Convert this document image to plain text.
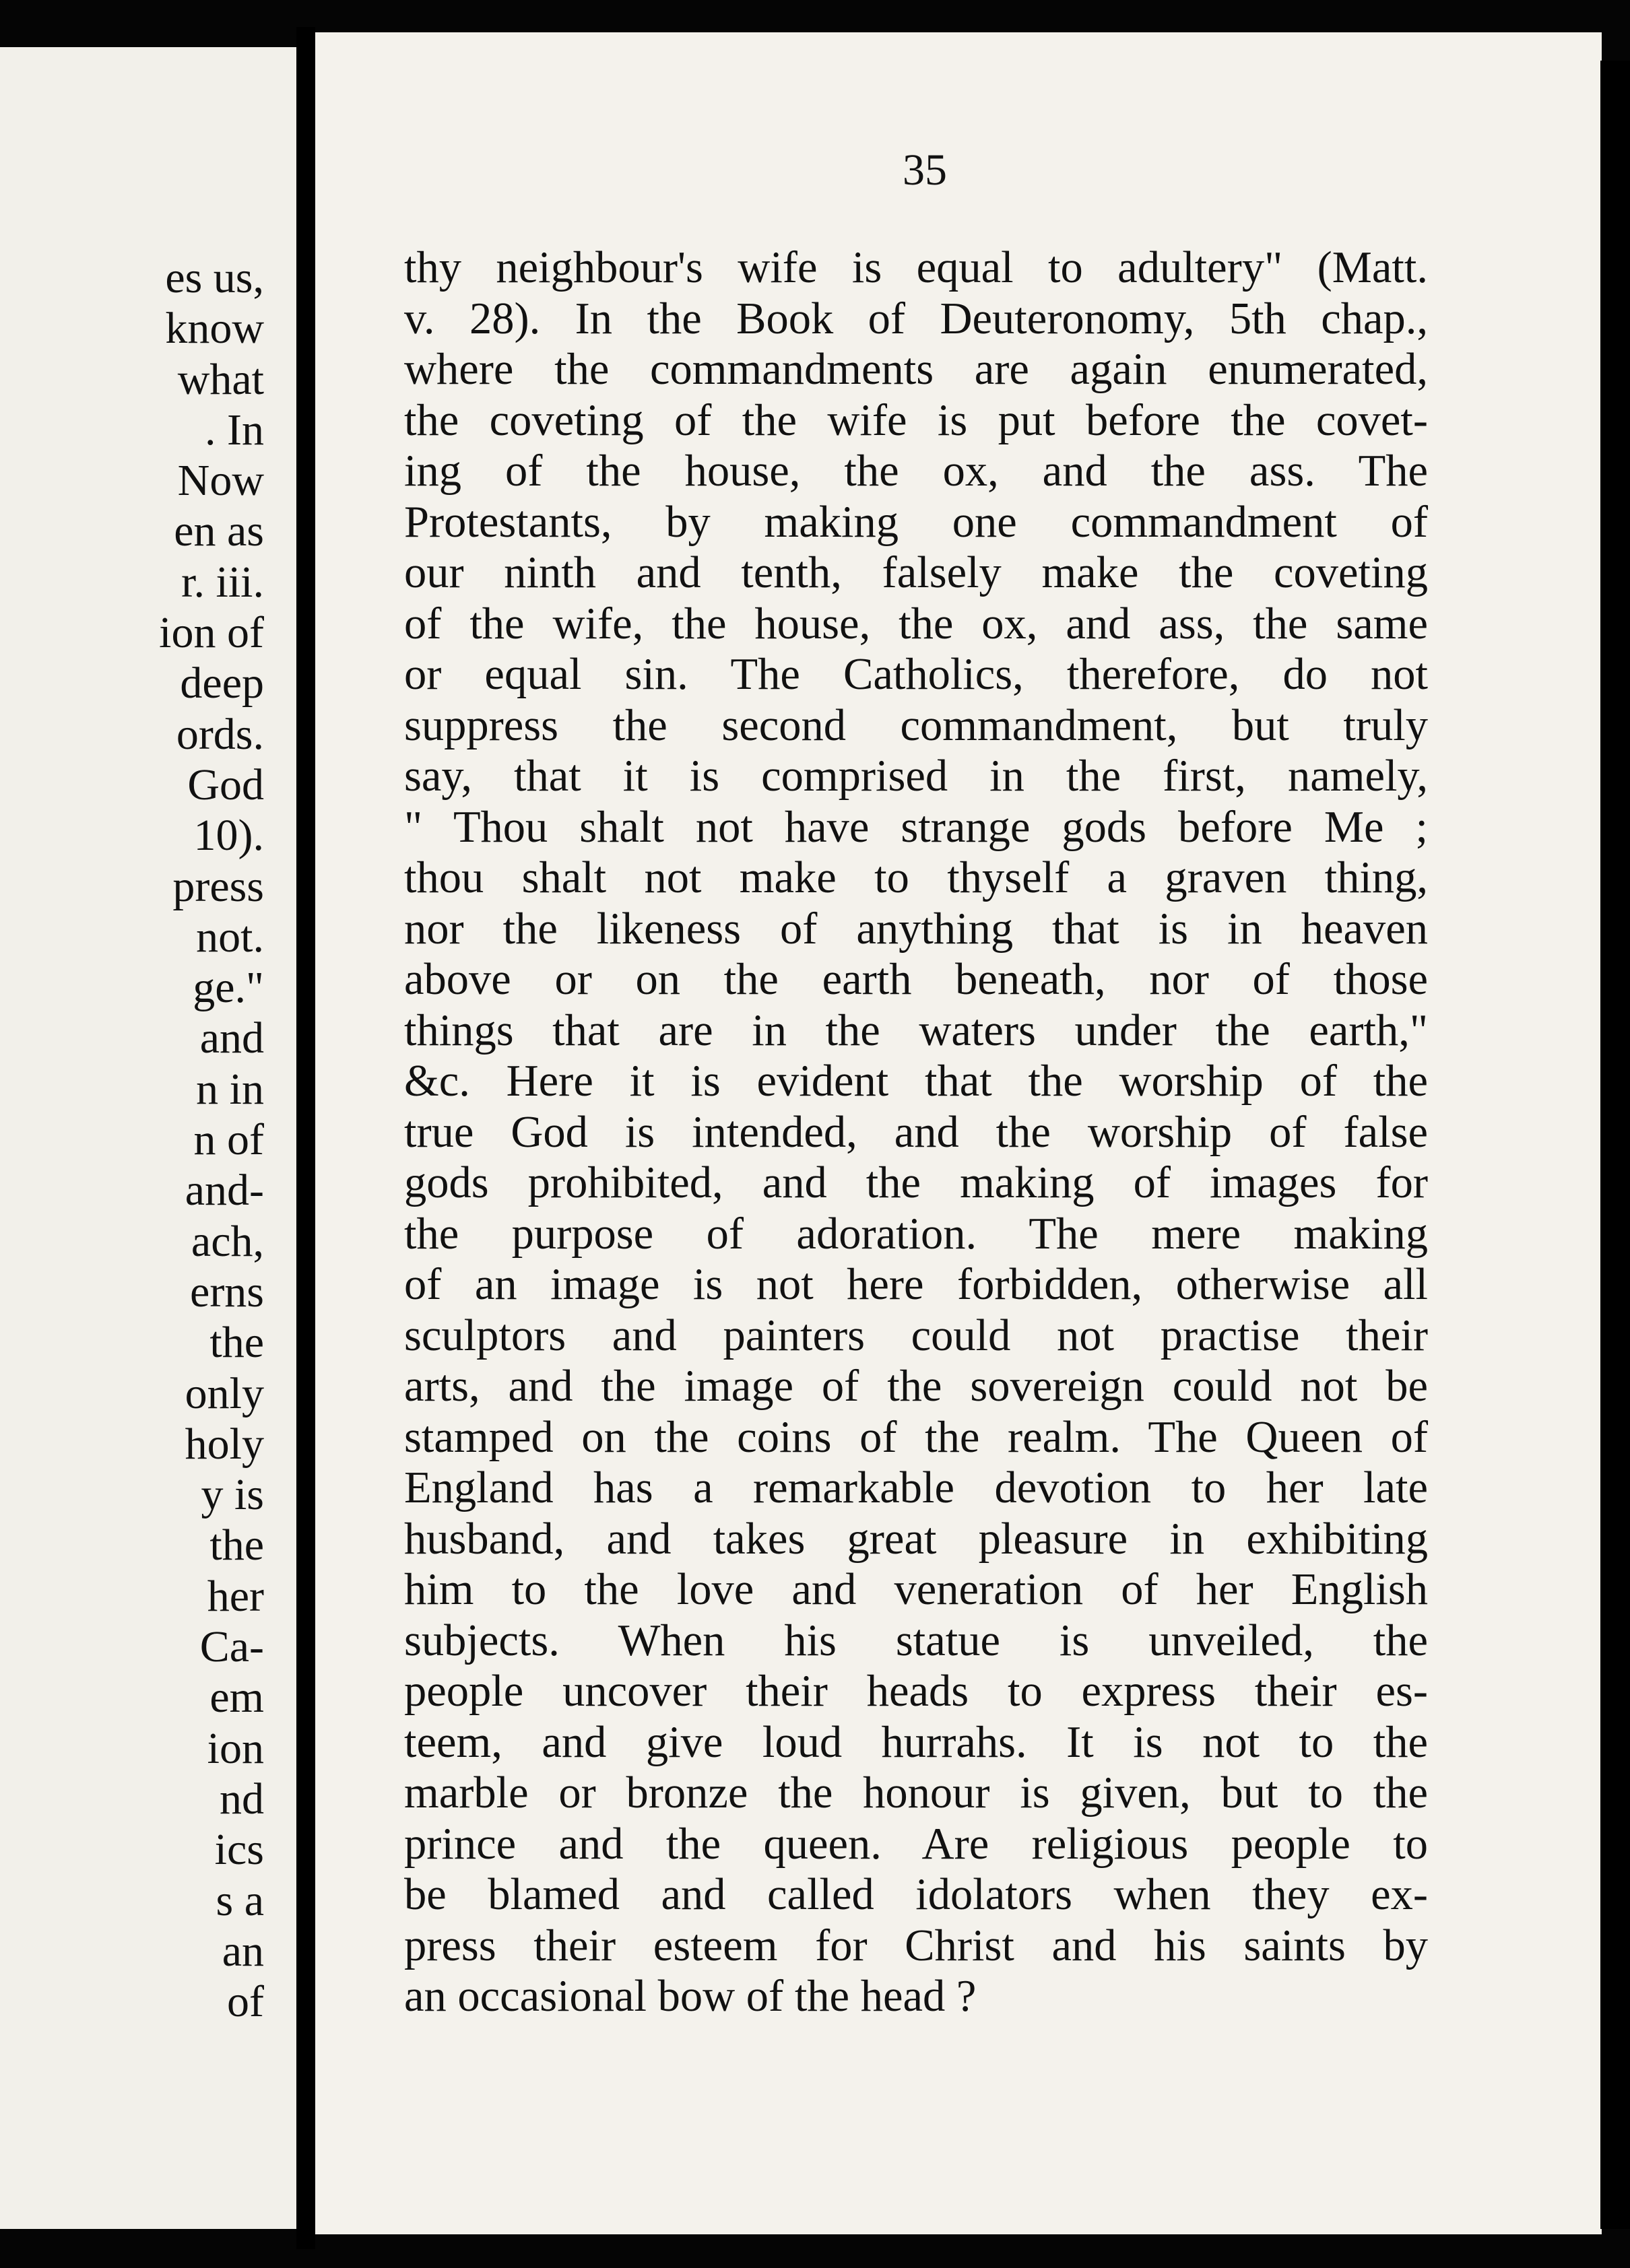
es us,
know
what
. In
Now
en as
r. iii.
ion of
deep
ords.
God
10).
press
not.
ge."
and
n in
n of
and-
ach,
erns
the
only
holy
y is
the
her
Ca-
em
ion
nd
ics
s a
an
of
35
thy neighbour's wife is equal to adultery" (Matt.
v. 28). In the Book of Deuteronomy, 5th chap.,
where the commandments are again enumerated,
the coveting of the wife is put before the covet-
ing of the house, the ox, and the ass. The
Protestants, by making one commandment of
our ninth and tenth, falsely make the coveting
of the wife, the house, the ox, and ass, the same
or equal sin. The Catholics, therefore, do not
suppress the second commandment, but truly
say, that it is comprised in the first, namely,
" Thou shalt not have strange gods before Me ;
thou shalt not make to thyself a graven thing,
nor the likeness of anything that is in heaven
above or on the earth beneath, nor of those
things that are in the waters under the earth,"
&c. Here it is evident that the worship of the
true God is intended, and the worship of false
gods prohibited, and the making of images for
the purpose of adoration. The mere making
of an image is not here forbidden, otherwise all
sculptors and painters could not practise their
arts, and the image of the sovereign could not be
stamped on the coins of the realm. The Queen of
England has a remarkable devotion to her late
husband, and takes great pleasure in exhibiting
him to the love and veneration of her English
subjects. When his statue is unveiled, the
people uncover their heads to express their es-
teem, and give loud hurrahs. It is not to the
marble or bronze the honour is given, but to the
prince and the queen. Are religious people to
be blamed and called idolators when they ex-
press their esteem for Christ and his saints by
an occasional bow of the head ?
